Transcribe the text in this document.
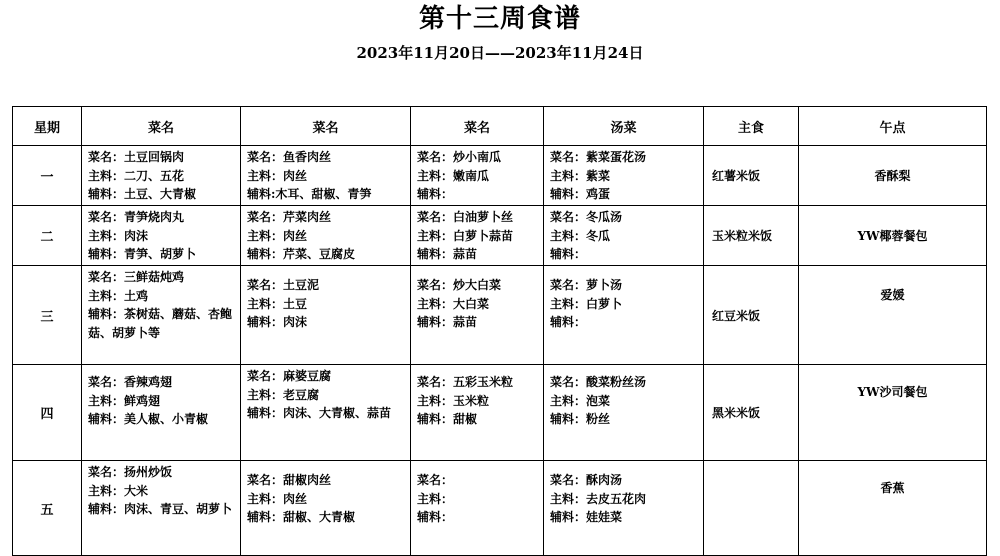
第十三周食谱
2023年11月20日——2023年11月24日
星期	菜名	菜名	菜名	汤菜	主食	午点
一	菜名：土豆回锅肉
主料：二刀、五花
辅料：土豆、大青椒	菜名：鱼香肉丝
主料：肉丝
辅料:木耳、甜椒、青笋	菜名：炒小南瓜
主料：嫩南瓜
辅料：	菜名：紫菜蛋花汤
主料：紫菜
辅料：鸡蛋	红薯米饭	香酥梨
二	菜名：青笋烧肉丸
主料：肉沫
辅料：青笋、胡萝卜	菜名：芹菜肉丝
主料：肉丝
辅料：芹菜、豆腐皮	菜名：白油萝卜丝
主料：白萝卜蒜苗
辅料：蒜苗	菜名：冬瓜汤
主料：冬瓜
辅料：	玉米粒米饭	YW椰蓉餐包
三	菜名：三鲜菇炖鸡
主料：土鸡
辅料：茶树菇、蘑菇、杏鲍菇、胡萝卜等	菜名：土豆泥
主料：土豆
辅料：肉沫	菜名：炒大白菜
主料：大白菜
辅料：蒜苗	菜名：萝卜汤
主料：白萝卜
辅料：	红豆米饭	爱媛
四	菜名：香辣鸡翅
主料：鲜鸡翅
辅料：美人椒、小青椒	菜名：麻婆豆腐
主料：老豆腐
辅料：肉沫、大青椒、蒜苗	菜名：五彩玉米粒
主料：玉米粒
辅料：甜椒	菜名：酸菜粉丝汤
主料：泡菜
辅料：粉丝	黑米米饭	YW沙司餐包
五	菜名：扬州炒饭
主料：大米
辅料：肉沫、青豆、胡萝卜	菜名：甜椒肉丝
主料：肉丝
辅料：甜椒、大青椒	菜名：
主料：
辅料：	菜名：酥肉汤
主料：去皮五花肉
辅料：娃娃菜		香蕉
